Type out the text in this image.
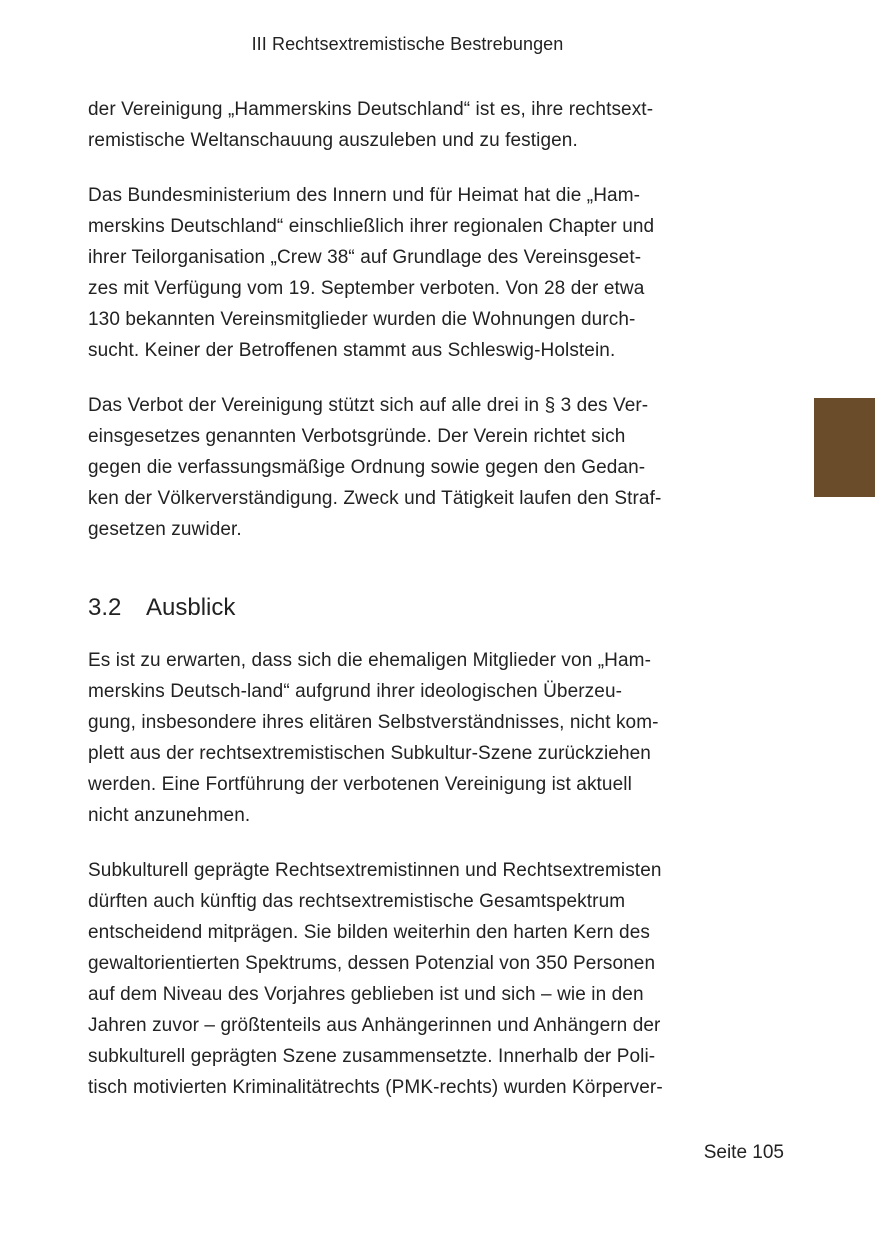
III Rechtsextremistische Bestrebungen
der Vereinigung „Hammerskins Deutschland“ ist es, ihre rechtsext-
remistische Weltanschauung auszuleben und zu festigen.
Das Bundesministerium des Innern und für Heimat hat die „Ham-
merskins Deutschland“ einschließlich ihrer regionalen Chapter und
ihrer Teilorganisation „Crew 38“ auf Grundlage des Vereinsgeset-
zes mit Verfügung vom 19. September verboten. Von 28 der etwa
130 bekannten Vereinsmitglieder wurden die Wohnungen durch-
sucht. Keiner der Betroffenen stammt aus Schleswig-Holstein.
Das Verbot der Vereinigung stützt sich auf alle drei in § 3 des Ver-
einsgesetzes genannten Verbotsgründe. Der Verein richtet sich
gegen die verfassungsmäßige Ordnung sowie gegen den Gedan-
ken der Völkerverständigung. Zweck und Tätigkeit laufen den Straf-
gesetzen zuwider.
3.2 Ausblick
Es ist zu erwarten, dass sich die ehemaligen Mitglieder von „Ham-
merskins Deutsch-land“ aufgrund ihrer ideologischen Überzeu-
gung, insbesondere ihres elitären Selbstverständnisses, nicht kom-
plett aus der rechtsextremistischen Subkultur-Szene zurückziehen
werden. Eine Fortführung der verbotenen Vereinigung ist aktuell
nicht anzunehmen.
Subkulturell geprägte Rechtsextremistinnen und Rechtsextremisten
dürften auch künftig das rechtsextremistische Gesamtspektrum
entscheidend mitprägen. Sie bilden weiterhin den harten Kern des
gewaltorientierten Spektrums, dessen Potenzial von 350 Personen
auf dem Niveau des Vorjahres geblieben ist und sich – wie in den
Jahren zuvor – größtenteils aus Anhängerinnen und Anhängern der
subkulturell geprägten Szene zusammensetzte. Innerhalb der Poli-
tisch motivierten Kriminalitätrechts (PMK-rechts) wurden Körperver-
Seite 105
